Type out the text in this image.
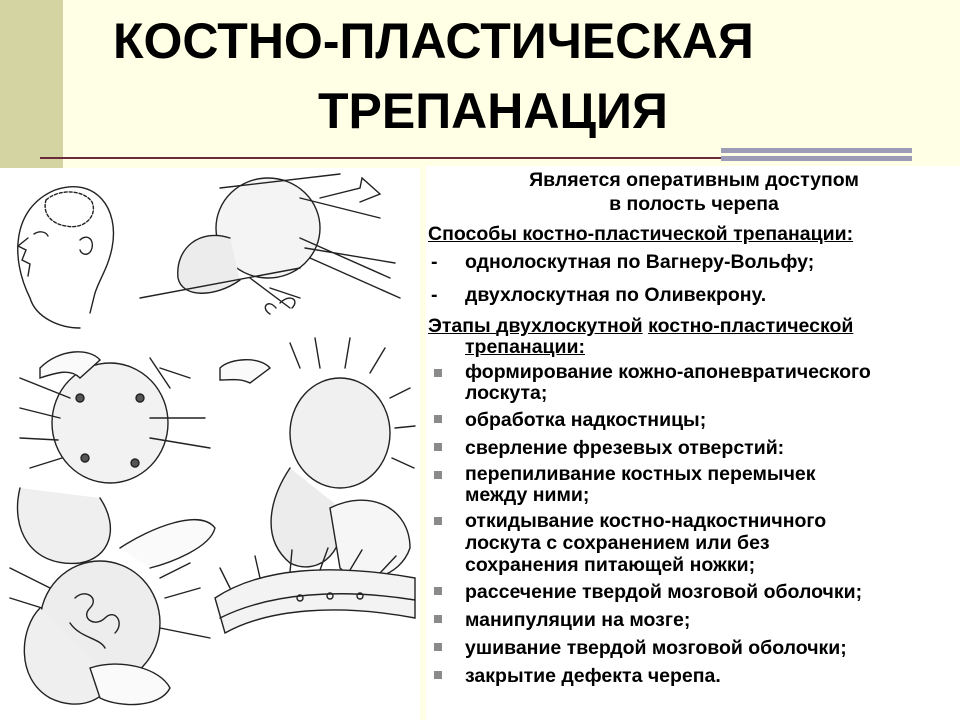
КОСТНО-ПЛАСТИЧЕСКАЯ
ТРЕПАНАЦИЯ
Является оперативным доступом
в полость черепа
Способы костно-пластической трепанации:
- однолоскутная по Вагнеру-Вольфу;
- двухлоскутная по Оливекрону.
Этапы двухлоскутной костно-пластической
трепанации:
формирование кожно-апоневратического
лоскута;
обработка надкостницы;
сверление фрезевых отверстий:
перепиливание костных перемычек
между ними;
откидывание костно-надкостничного
лоскута с сохранением или без
сохранения питающей ножки;
рассечение твердой мозговой оболочки;
манипуляции на мозге;
ушивание твердой мозговой оболочки;
закрытие дефекта черепа.
